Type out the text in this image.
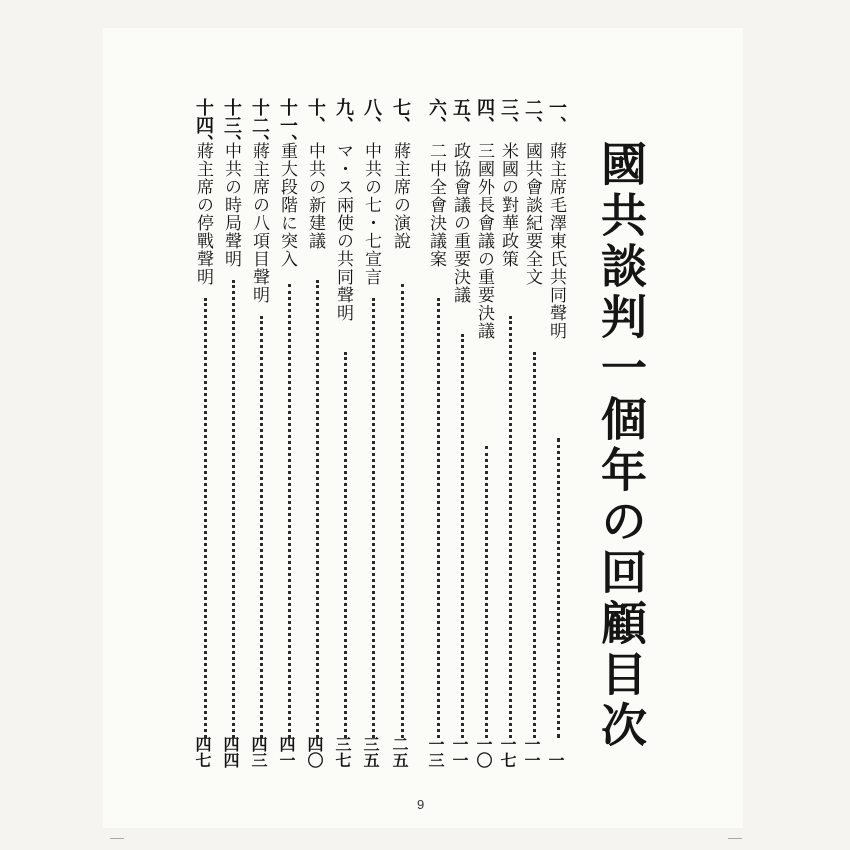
國共談判一個年の回顧目次
一、
蔣主席毛澤東氏共同聲明
一
二、
國共會談紀要全文
一一
三、
米國の對華政策
一七
四、
三國外長會議の重要決議
一〇
五、
政協會議の重要決議
一一
六、
二中全會決議案
一三
七、
蔣主席の演說
二五
八、
中共の七・七宣言
三五
九、
マ・ス兩使の共同聲明
三七
十、
中共の新建議
四〇
十一、
重大段階に突入
四一
十二、
蔣主席の八項目聲明
四三
十三、
中共の時局聲明
四四
十四、
蔣主席の停戰聲明
四七
9
